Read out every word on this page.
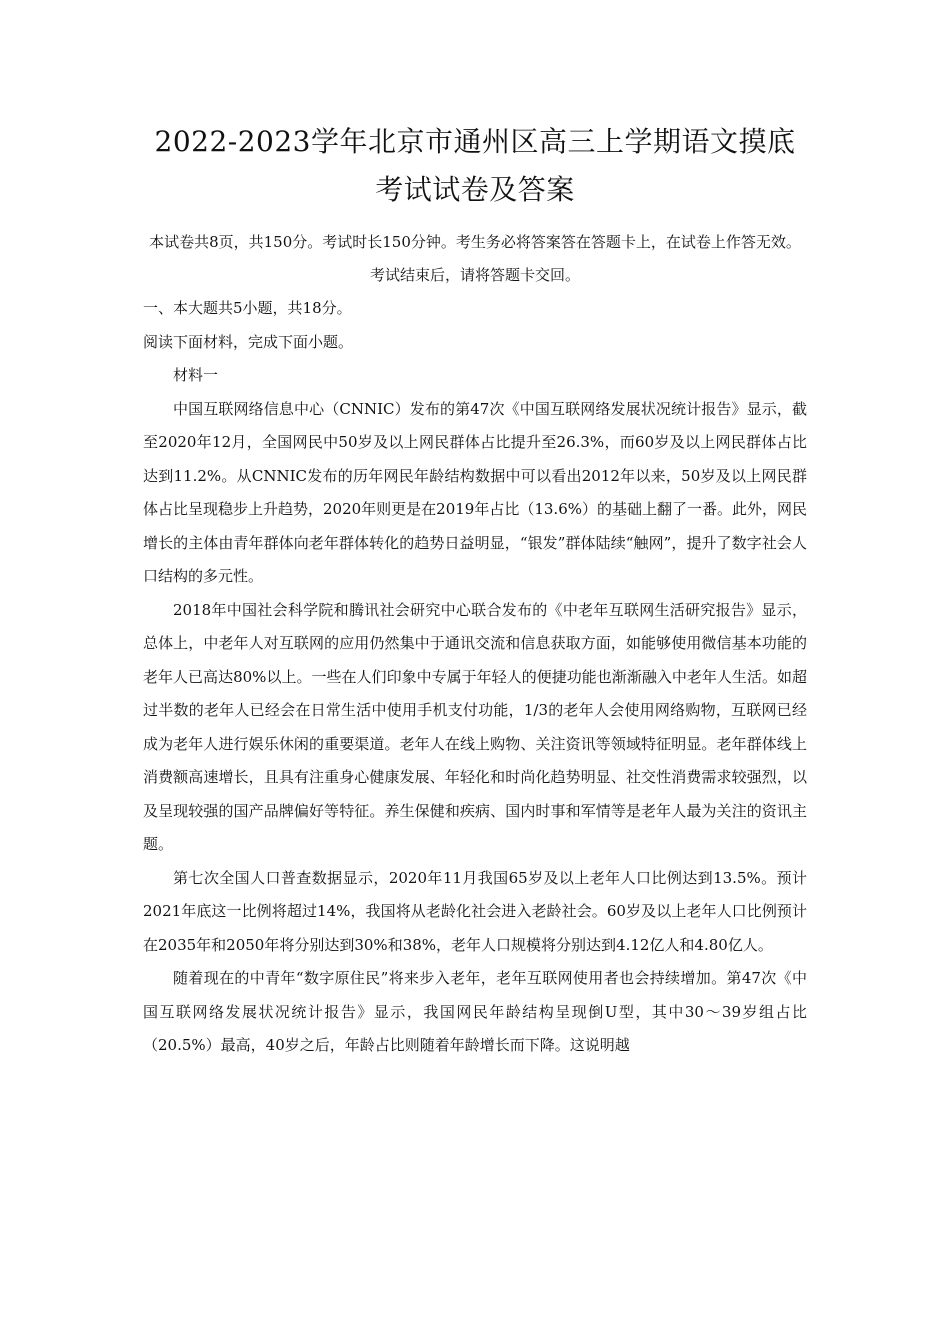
2022-2023学年北京市通州区高三上学期语文摸底考试试卷及答案

本试卷共8页，共150分。考试时长150分钟。考生务必将答案答在答题卡上，在试卷上作答无效。

考试结束后，请将答题卡交回。

一、本大题共5小题，共18分。

阅读下面材料，完成下面小题。

材料一

中国互联网络信息中心（CNNIC）发布的第47次《中国互联网络发展状况统计报告》显示，截至2020年12月，全国网民中50岁及以上网民群体占比提升至26.3%，而60岁及以上网民群体占比达到11.2%。从CNNIC发布的历年网民年龄结构数据中可以看出2012年以来，50岁及以上网民群体占比呈现稳步上升趋势，2020年则更是在2019年占比（13.6%）的基础上翻了一番。此外，网民增长的主体由青年群体向老年群体转化的趋势日益明显，“银发”群体陆续“触网”，提升了数字社会人口结构的多元性。

2018年中国社会科学院和腾讯社会研究中心联合发布的《中老年互联网生活研究报告》显示，总体上，中老年人对互联网的应用仍然集中于通讯交流和信息获取方面，如能够使用微信基本功能的老年人已高达80%以上。一些在人们印象中专属于年轻人的便捷功能也渐渐融入中老年人生活。如超过半数的老年人已经会在日常生活中使用手机支付功能，1/3的老年人会使用网络购物，互联网已经成为老年人进行娱乐休闲的重要渠道。老年人在线上购物、关注资讯等领域特征明显。老年群体线上消费额高速增长，且具有注重身心健康发展、年轻化和时尚化趋势明显、社交性消费需求较强烈，以及呈现较强的国产品牌偏好等特征。养生保健和疾病、国内时事和军情等是老年人最为关注的资讯主题。

第七次全国人口普查数据显示，2020年11月我国65岁及以上老年人口比例达到13.5%。预计2021年底这一比例将超过14%，我国将从老龄化社会进入老龄社会。60岁及以上老年人口比例预计在2035年和2050年将分别达到30%和38%，老年人口规模将分别达到4.12亿人和4.80亿人。

随着现在的中青年“数字原住民”将来步入老年，老年互联网使用者也会持续增加。第47次《中国互联网络发展状况统计报告》显示，我国网民年龄结构呈现倒U型，其中30～39岁组占比（20.5%）最高，40岁之后，年龄占比则随着年龄增长而下降。这说明越
